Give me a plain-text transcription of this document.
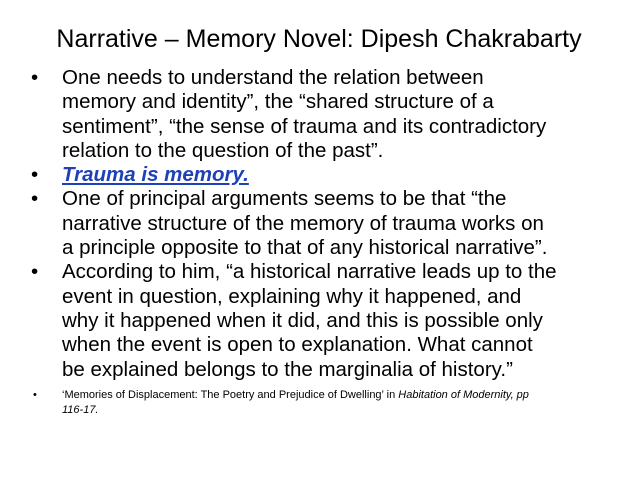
Narrative – Memory Novel: Dipesh Chakrabarty
• One needs to understand the relation between
memory and identity”, the “shared structure of a
sentiment”, “the sense of trauma and its contradictory
relation to the question of the past”.
• Trauma is memory.
• One of principal arguments seems to be that “the
narrative structure of the memory of trauma works on
a principle opposite to that of any historical narrative”.
• According to him, “a historical narrative leads up to the
event in question, explaining why it happened, and
why it happened when it did, and this is possible only
when the event is open to explanation. What cannot
be explained belongs to the marginalia of history.”
• ‘Memories of Displacement: The Poetry and Prejudice of Dwelling’ in Habitation of Modernity, pp
116-17.
